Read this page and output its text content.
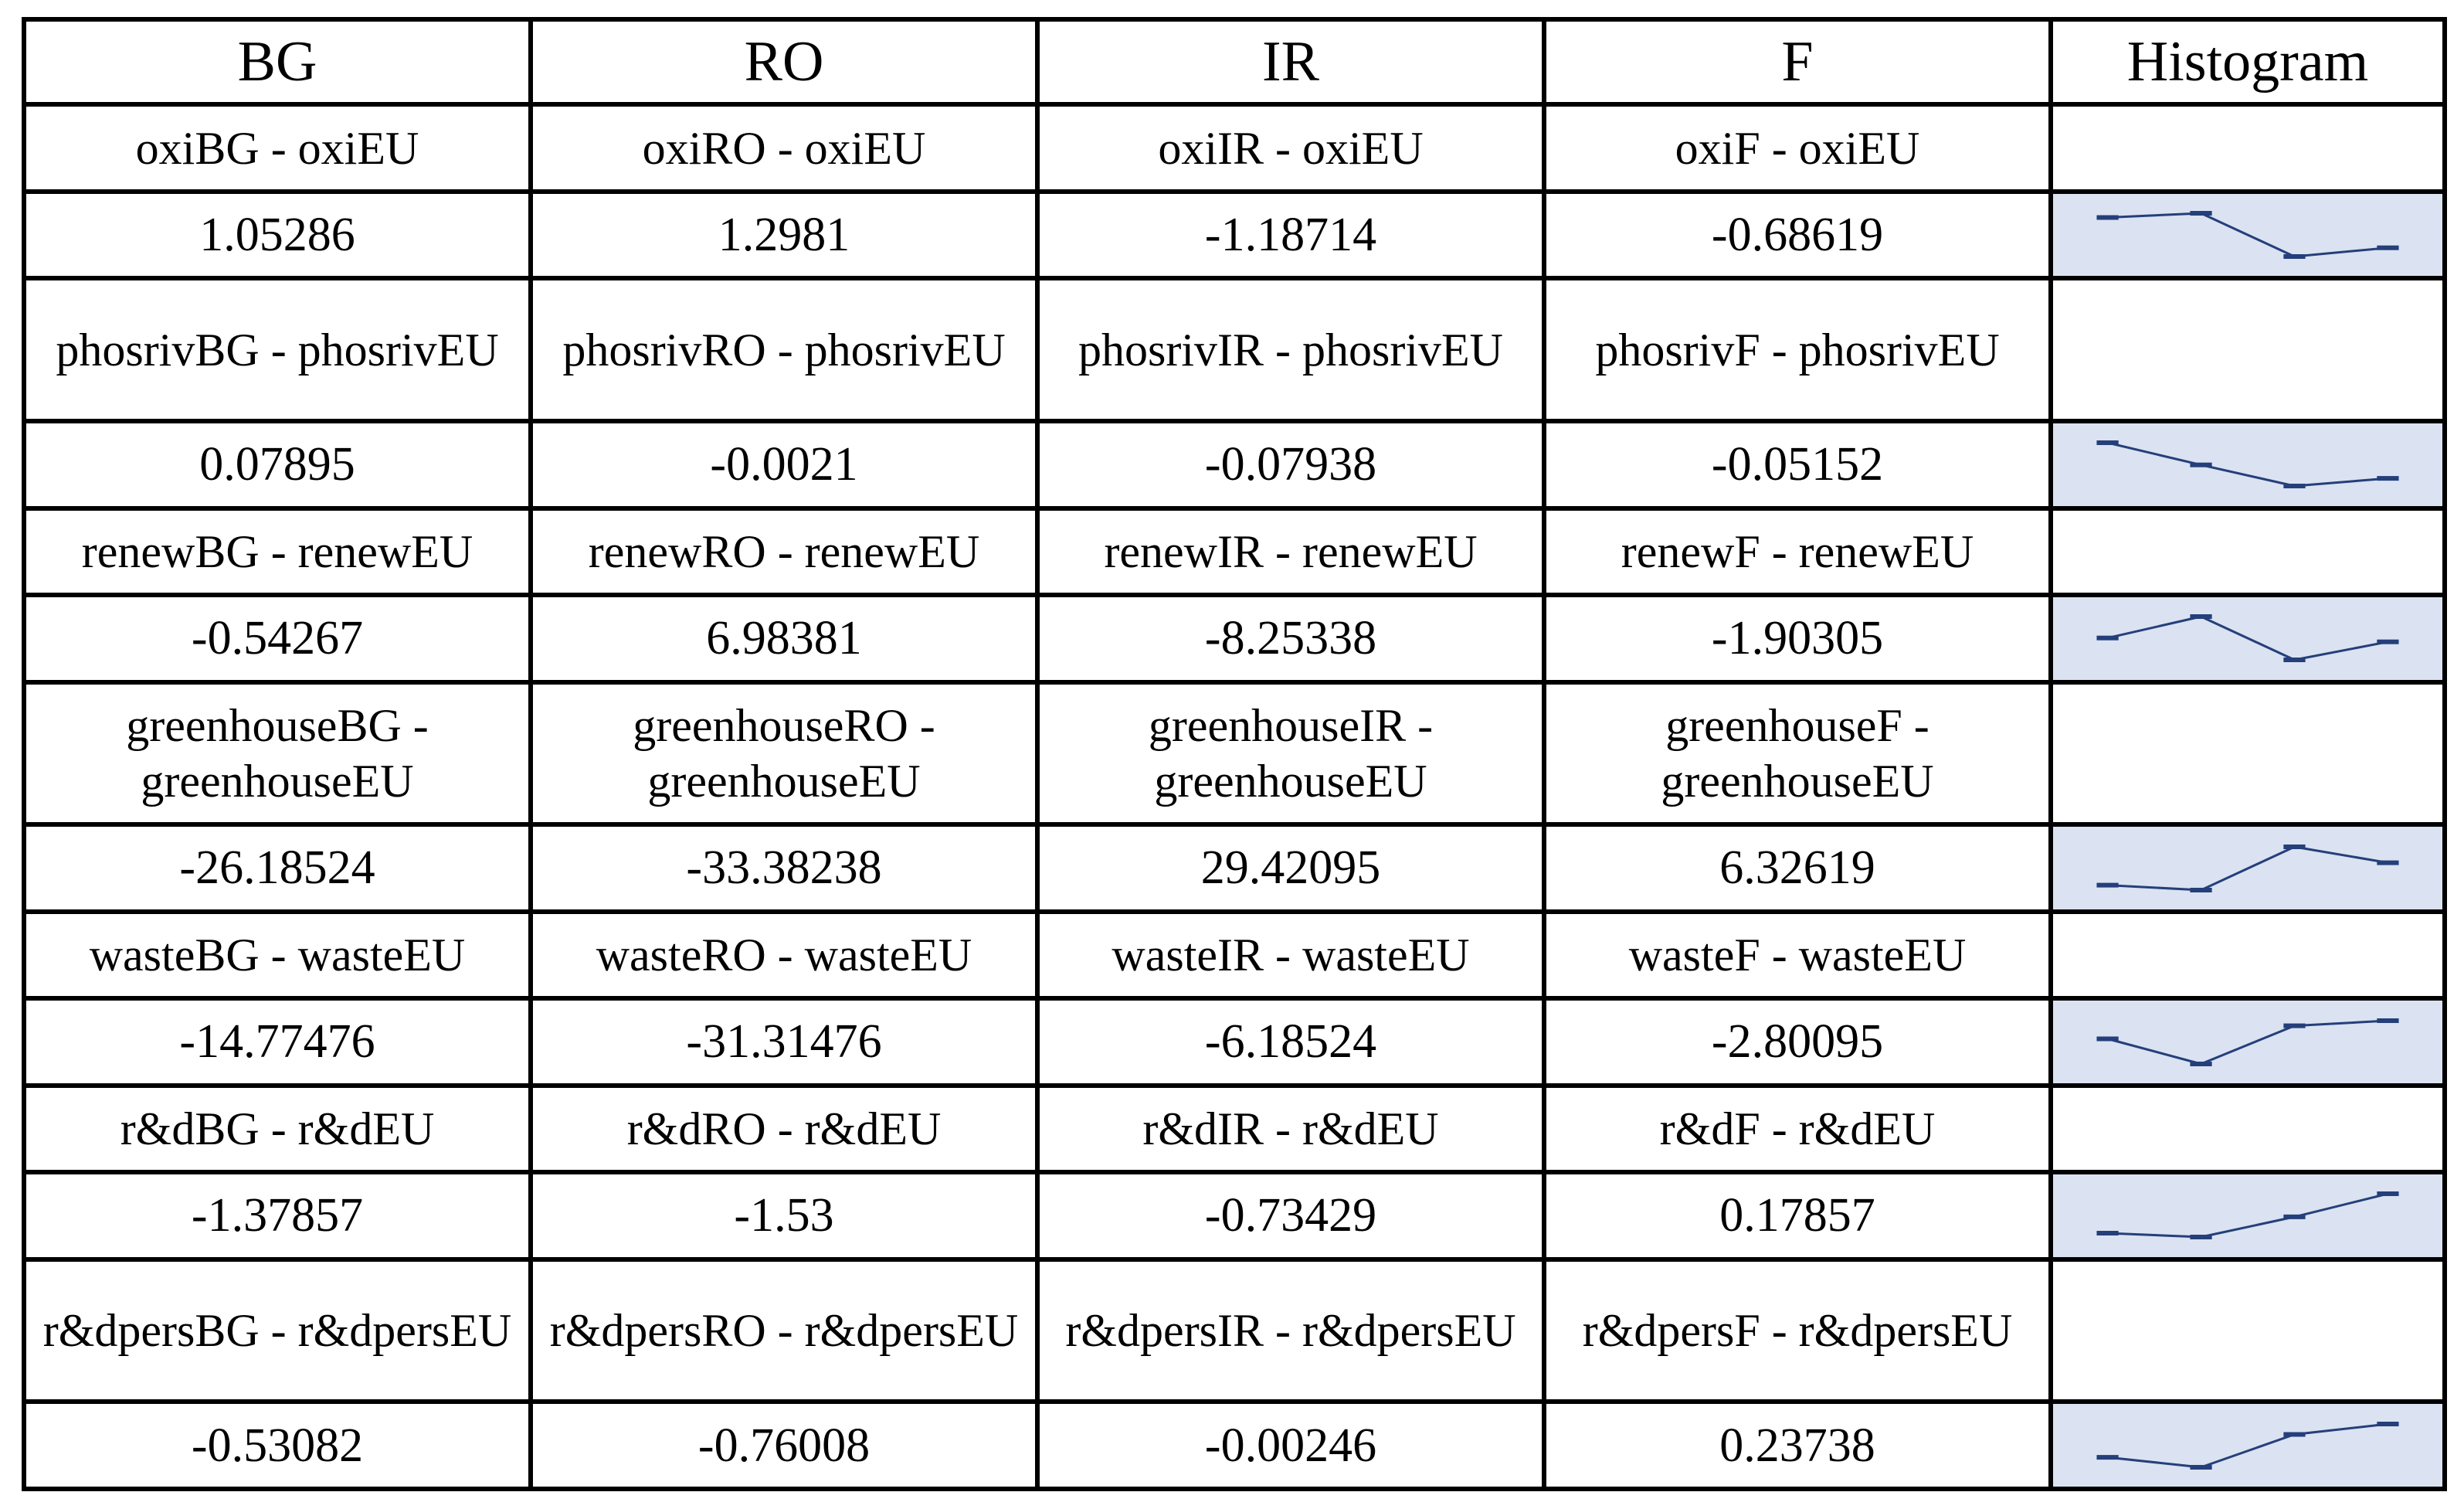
BG	RO	IR	F	Histogram
oxiBG - oxiEU	oxiRO - oxiEU	oxiIR - oxiEU	oxiF - oxiEU	
1.05286	1.2981	-1.18714	-0.68619	

phosrivBG - phosrivEU	phosrivRO - phosrivEU	phosrivIR - phosrivEU	phosrivF - phosrivEU	
0.07895	-0.0021	-0.07938	-0.05152	

renewBG - renewEU	renewRO - renewEU	renewIR - renewEU	renewF - renewEU	
-0.54267	6.98381	-8.25338	-1.90305	

greenhouseBG - greenhouseEU	greenhouseRO - greenhouseEU	greenhouseIR - greenhouseEU	greenhouseF - greenhouseEU	
-26.18524	-33.38238	29.42095	6.32619	

wasteBG - wasteEU	wasteRO - wasteEU	wasteIR - wasteEU	wasteF - wasteEU	
-14.77476	-31.31476	-6.18524	-2.80095	

r&dBG - r&dEU	r&dRO - r&dEU	r&dIR - r&dEU	r&dF - r&dEU	
-1.37857	-1.53	-0.73429	0.17857	

r&dpersBG - r&dpersEU	r&dpersRO - r&dpersEU	r&dpersIR - r&dpersEU	r&dpersF - r&dpersEU	
-0.53082	-0.76008	-0.00246	0.23738	
